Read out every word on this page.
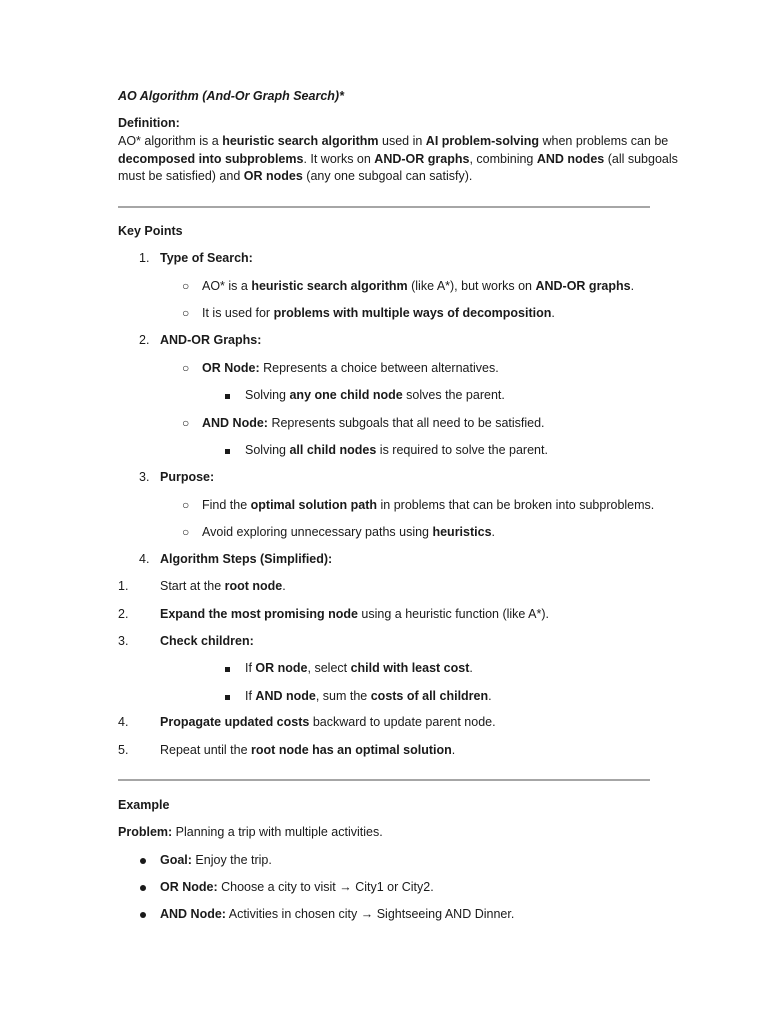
AO Algorithm (And-Or Graph Search)*
Definition:
AO* algorithm is a heuristic search algorithm used in AI problem-solving when problems can be
decomposed into subproblems. It works on AND-OR graphs, combining AND nodes (all subgoals
must be satisfied) and OR nodes (any one subgoal can satisfy).
Key Points
1. Type of Search:
○ AO* is a heuristic search algorithm (like A*), but works on AND-OR graphs.
○ It is used for problems with multiple ways of decomposition.
2. AND-OR Graphs:
○ OR Node: Represents a choice between alternatives.
Solving any one child node solves the parent.
○ AND Node: Represents subgoals that all need to be satisfied.
Solving all child nodes is required to solve the parent.
3. Purpose:
○ Find the optimal solution path in problems that can be broken into subproblems.
○ Avoid exploring unnecessary paths using heuristics.
4. Algorithm Steps (Simplified):
1.	Start at the root node.
2.	Expand the most promising node using a heuristic function (like A*).
3.	Check children:
If OR node, select child with least cost.
If AND node, sum the costs of all children.
4.	Propagate updated costs backward to update parent node.
5.	Repeat until the root node has an optimal solution.
Example
Problem: Planning a trip with multiple activities.
Goal: Enjoy the trip.
OR Node: Choose a city to visit → City1 or City2.
AND Node: Activities in chosen city → Sightseeing AND Dinner.
